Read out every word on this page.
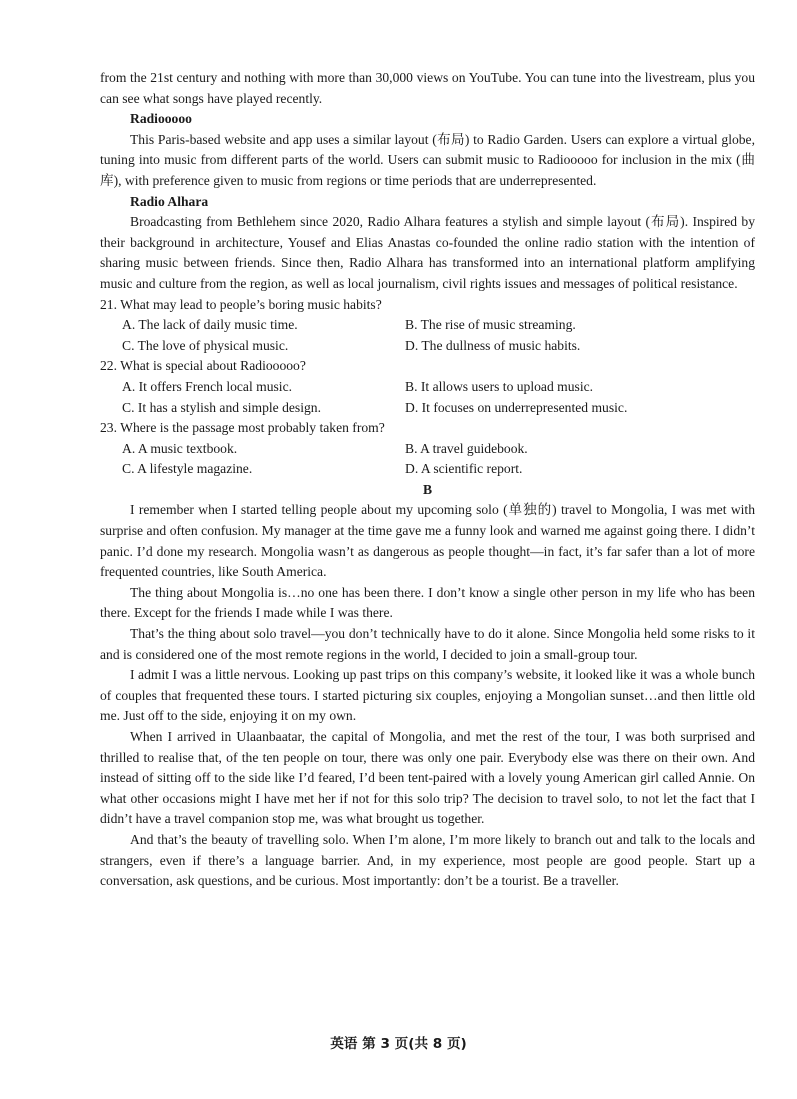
from the 21st century and nothing with more than 30,000 views on YouTube. You can tune into the livestream, plus you can see what songs have played recently.

Radiooooo

This Paris-based website and app uses a similar layout (布局) to Radio Garden. Users can explore a virtual globe, tuning into music from different parts of the world. Users can submit music to Radiooooo for inclusion in the mix (曲库), with preference given to music from regions or time periods that are underrepresented.

Radio Alhara

Broadcasting from Bethlehem since 2020, Radio Alhara features a stylish and simple layout (布局). Inspired by their background in architecture, Yousef and Elias Anastas co-founded the online radio station with the intention of sharing music between friends. Since then, Radio Alhara has transformed into an international platform amplifying music and culture from the region, as well as local journalism, civil rights issues and messages of political resistance.

21. What may lead to people’s boring music habits?

A. The lack of daily music time.	B. The rise of music streaming.
C. The love of physical music.	D. The dullness of music habits.

22. What is special about Radiooooo?

A. It offers French local music.	B. It allows users to upload music.
C. It has a stylish and simple design.	D. It focuses on underrepresented music.

23. Where is the passage most probably taken from?

A. A music textbook.	B. A travel guidebook.
C. A lifestyle magazine.	D. A scientific report.

B

I remember when I started telling people about my upcoming solo (单独的) travel to Mongolia, I was met with surprise and often confusion. My manager at the time gave me a funny look and warned me against going there. I didn’t panic. I’d done my research. Mongolia wasn’t as dangerous as people thought—in fact, it’s far safer than a lot of more frequented countries, like South America.

The thing about Mongolia is…no one has been there. I don’t know a single other person in my life who has been there. Except for the friends I made while I was there.

That’s the thing about solo travel—you don’t technically have to do it alone. Since Mongolia held some risks to it and is considered one of the most remote regions in the world, I decided to join a small-group tour.

I admit I was a little nervous. Looking up past trips on this company’s website, it looked like it was a whole bunch of couples that frequented these tours. I started picturing six couples, enjoying a Mongolian sunset…and then little old me. Just off to the side, enjoying it on my own.

When I arrived in Ulaanbaatar, the capital of Mongolia, and met the rest of the tour, I was both surprised and thrilled to realise that, of the ten people on tour, there was only one pair. Everybody else was there on their own. And instead of sitting off to the side like I’d feared, I’d been tent-paired with a lovely young American girl called Annie. On what other occasions might I have met her if not for this solo trip? The decision to travel solo, to not let the fact that I didn’t have a travel companion stop me, was what brought us together.

And that’s the beauty of travelling solo. When I’m alone, I’m more likely to branch out and talk to the locals and strangers, even if there’s a language barrier. And, in my experience, most people are good people. Start up a conversation, ask questions, and be curious. Most importantly: don’t be a tourist. Be a traveller.

英语 第 3 页(共 8 页)
